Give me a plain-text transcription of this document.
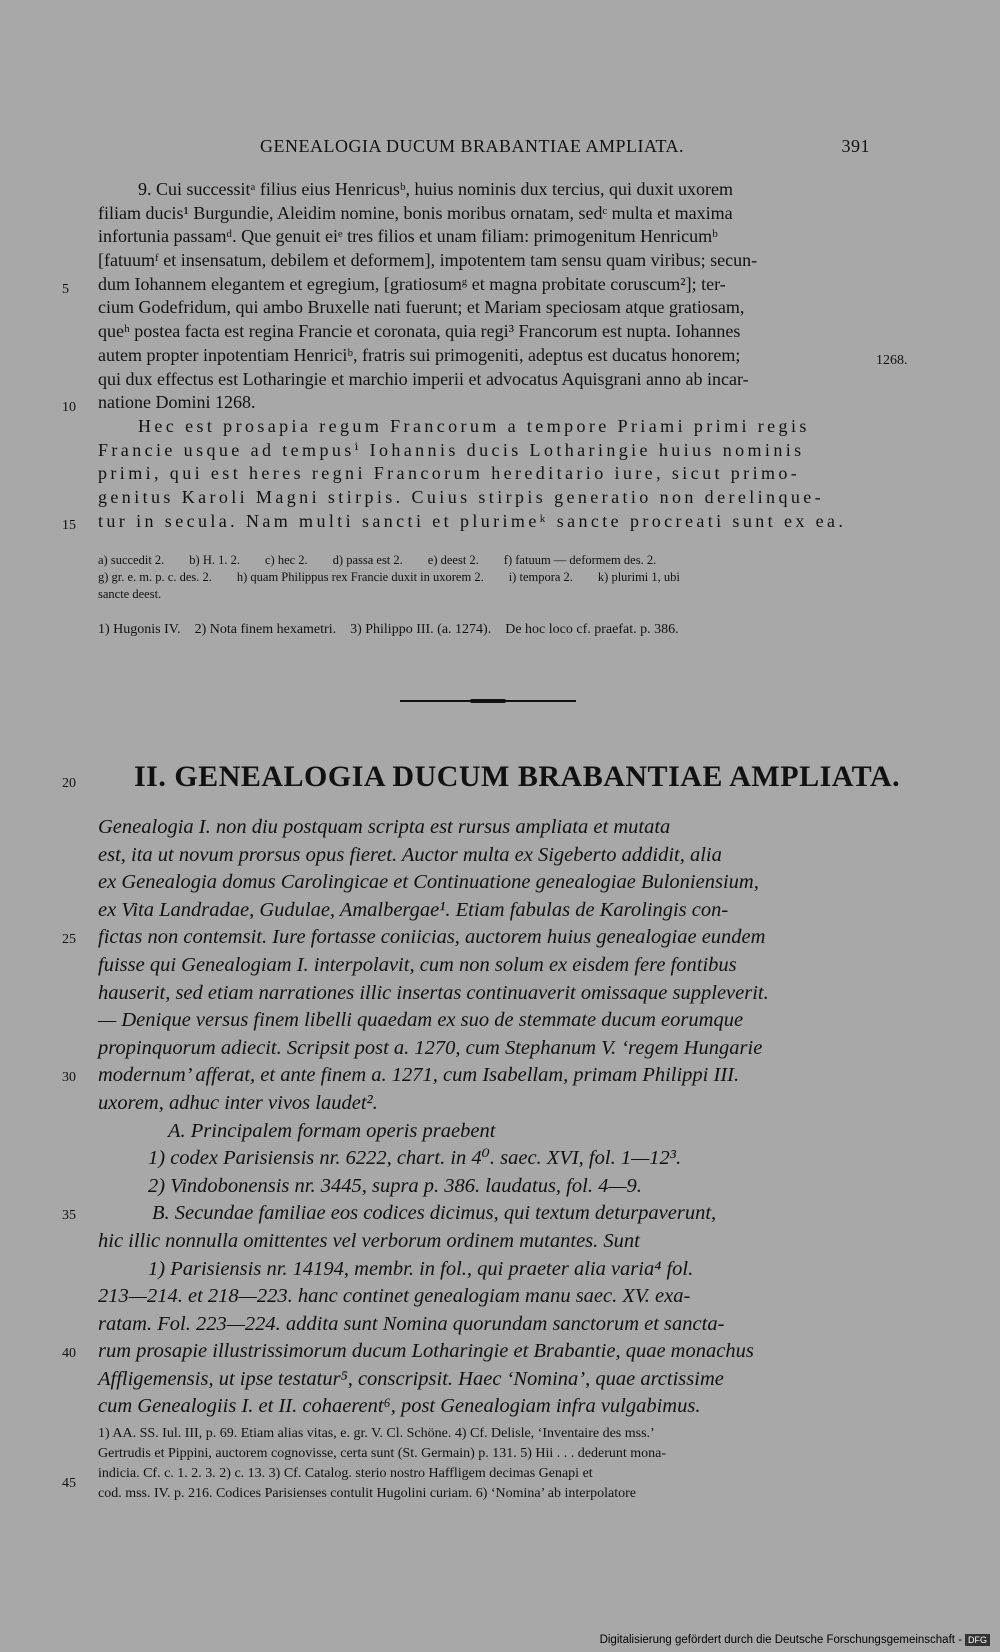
GENEALOGIA DUCUM BRABANTIAE AMPLIATA.	391
9. Cui successitᵃ filius eius Henricusᵇ, huius nominis dux tercius, qui duxit uxorem
filiam ducis¹ Burgundie, Aleidim nomine, bonis moribus ornatam, sedᶜ multa et maxima
infortunia passamᵈ. Que genuit eiᵉ tres filios et unam filiam: primogenitum Henricumᵇ
[fatuumᶠ et insensatum, debilem et deformem], impotentem tam sensu quam viribus; secun-
dum Iohannem elegantem et egregium, [gratiosumᵍ et magna probitate coruscum²]; ter-
cium Godefridum, qui ambo Bruxelle nati fuerunt; et Mariam speciosam atque gratiosam,
queʰ postea facta est regina Francie et coronata, quia regi³ Francorum est nupta. Iohannes
autem propter inpotentiam Henriciᵇ, fratris sui primogeniti, adeptus est ducatus honorem;
qui dux effectus est Lotharingie et marchio imperii et advocatus Aquisgrani anno ab incar-
natione Domini 1268.
Hec est prosapia regum Francorum a tempore Priami primi regis
Francie usque ad tempusⁱ Iohannis ducis Lotharingie huius nominis
primi, qui est heres regni Francorum hereditario iure, sicut primo-
genitus Karoli Magni stirpis. Cuius stirpis generatio non derelinque-
tur in secula. Nam multi sancti et plurimeᵏ sancte procreati sunt ex ea.
5
10
15
1268.
a) succedit 2.        b) H. 1. 2.        c) hec 2.        d) passa est 2.        e) deest 2.        f) fatuum — deformem des. 2.
g) gr. e. m. p. c. des. 2.        h) quam Philippus rex Francie duxit in uxorem 2.        i) tempora 2.        k) plurimi 1, ubi
sancte deest.
1) Hugonis IV.    2) Nota finem hexametri.    3) Philippo III. (a. 1274).    De hoc loco cf. praefat. p. 386.
20 II. GENEALOGIA DUCUM BRABANTIAE AMPLIATA.
Genealogia I. non diu postquam scripta est rursus ampliata et mutata
est, ita ut novum prorsus opus fieret. Auctor multa ex Sigeberto addidit, alia
ex Genealogia domus Carolingicae et Continuatione genealogiae Buloniensium,
ex Vita Landradae, Gudulae, Amalbergae¹. Etiam fabulas de Karolingis con-
fictas non contemsit. Iure fortasse coniicias, auctorem huius genealogiae eundem
fuisse qui Genealogiam I. interpolavit, cum non solum ex eisdem fere fontibus
hauserit, sed etiam narrationes illic insertas continuaverit omissaque suppleverit.
— Denique versus finem libelli quaedam ex suo de stemmate ducum eorumque
propinquorum adiecit. Scripsit post a. 1270, cum Stephanum V. ‘regem Hungarie
modernum’ afferat, et ante finem a. 1271, cum Isabellam, primam Philippi III.
uxorem, adhuc inter vivos laudet².
A. Principalem formam operis praebent
1) codex Parisiensis nr. 6222, chart. in 4⁰. saec. XVI, fol. 1—12³.
2) Vindobonensis nr. 3445, supra p. 386. laudatus, fol. 4—9.
B. Secundae familiae eos codices dicimus, qui textum deturpaverunt,
hic illic nonnulla omittentes vel verborum ordinem mutantes. Sunt
1) Parisiensis nr. 14194, membr. in fol., qui praeter alia varia⁴ fol.
213—214. et 218—223. hanc continet genealogiam manu saec. XV. exa-
ratam. Fol. 223—224. addita sunt Nomina quorundam sanctorum et sancta-
rum prosapie illustrissimorum ducum Lotharingie et Brabantie, quae monachus
Affligemensis, ut ipse testatur⁵, conscripsit. Haec ‘Nomina’, quae arctissime
cum Genealogiis I. et II. cohaerent⁶, post Genealogiam infra vulgabimus.
25
30
35
40
45
1) AA. SS. Iul. III, p. 69. Etiam alias vitas, e. gr. V. Cl. Schöne. 4) Cf. Delisle, ‘Inventaire des mss.’
Gertrudis et Pippini, auctorem cognovisse, certa sunt (St. Germain) p. 131. 5) Hii . . . dederunt mona-
indicia. Cf. c. 1. 2. 3. 2) c. 13. 3) Cf. Catalog. sterio nostro Haffligem decimas Genapi et
cod. mss. IV. p. 216. Codices Parisienses contulit Hugolini curiam. 6) ‘Nomina’ ab interpolatore
Digitalisierung gefördert durch die Deutsche Forschungsgemeinschaft - DFG
